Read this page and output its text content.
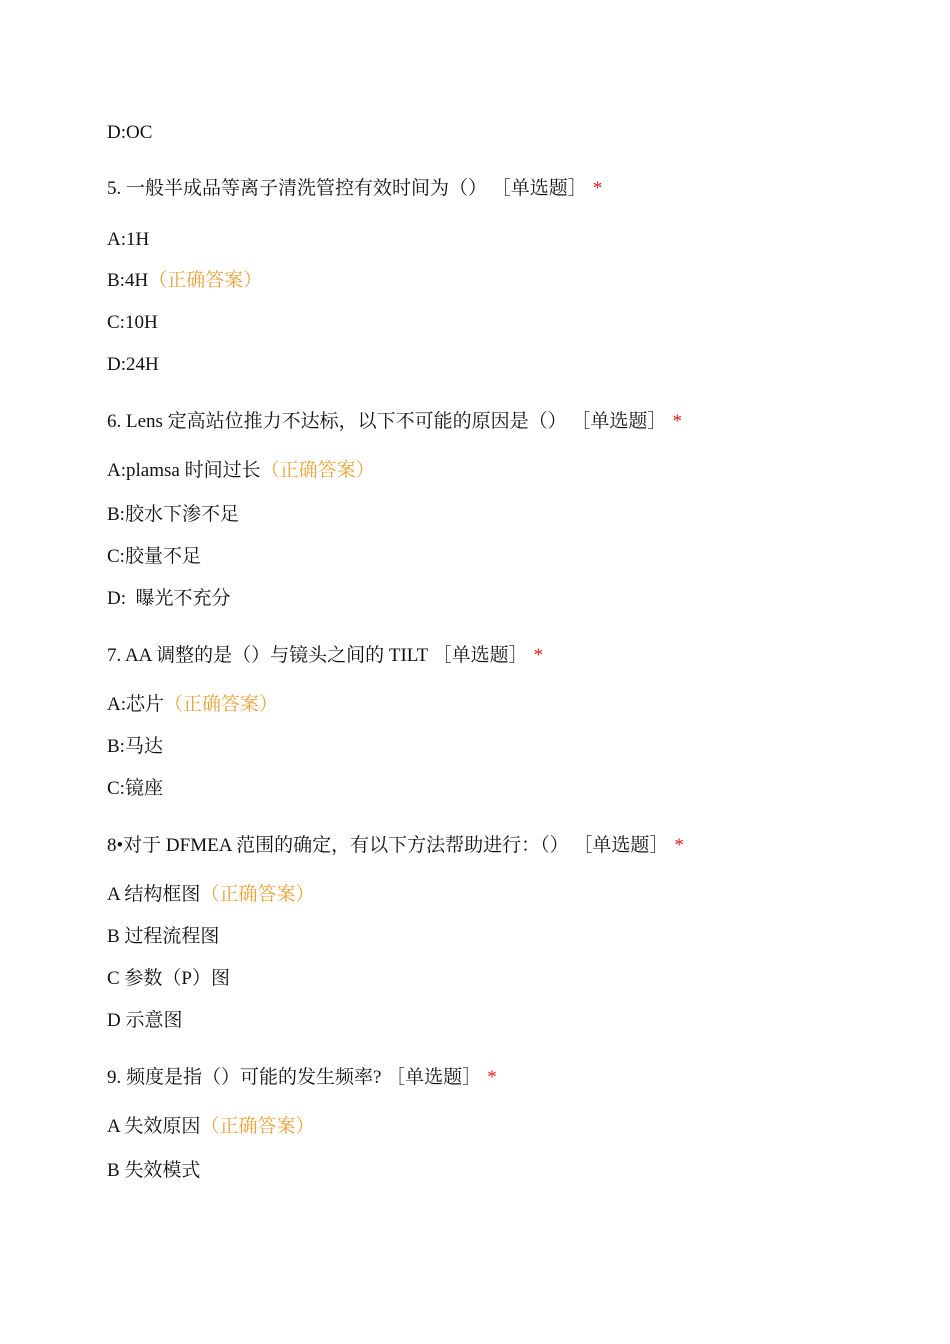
D:OC
5. 一般半成品等离子清洗管控有效时间为（） ［单选题］ *
A:1H
B:4H（正确答案）
C:10H
D:24H
6. Lens 定高站位推力不达标，以下不可能的原因是（） ［单选题］ *
A:plamsa 时间过长（正确答案）
B:胶水下渗不足
C:胶量不足
D:  曝光不充分
7. AA 调整的是（）与镜头之间的 TILT ［单选题］ *
A:芯片（正确答案）
B:马达
C:镜座
8•对于 DFMEA 范围的确定，有以下方法帮助进行：（） ［单选题］ *
A 结构框图（正确答案）
B 过程流程图
C 参数（P）图
D 示意图
9. 频度是指（）可能的发生频率? ［单选题］ *
A 失效原因（正确答案）
B 失效模式
